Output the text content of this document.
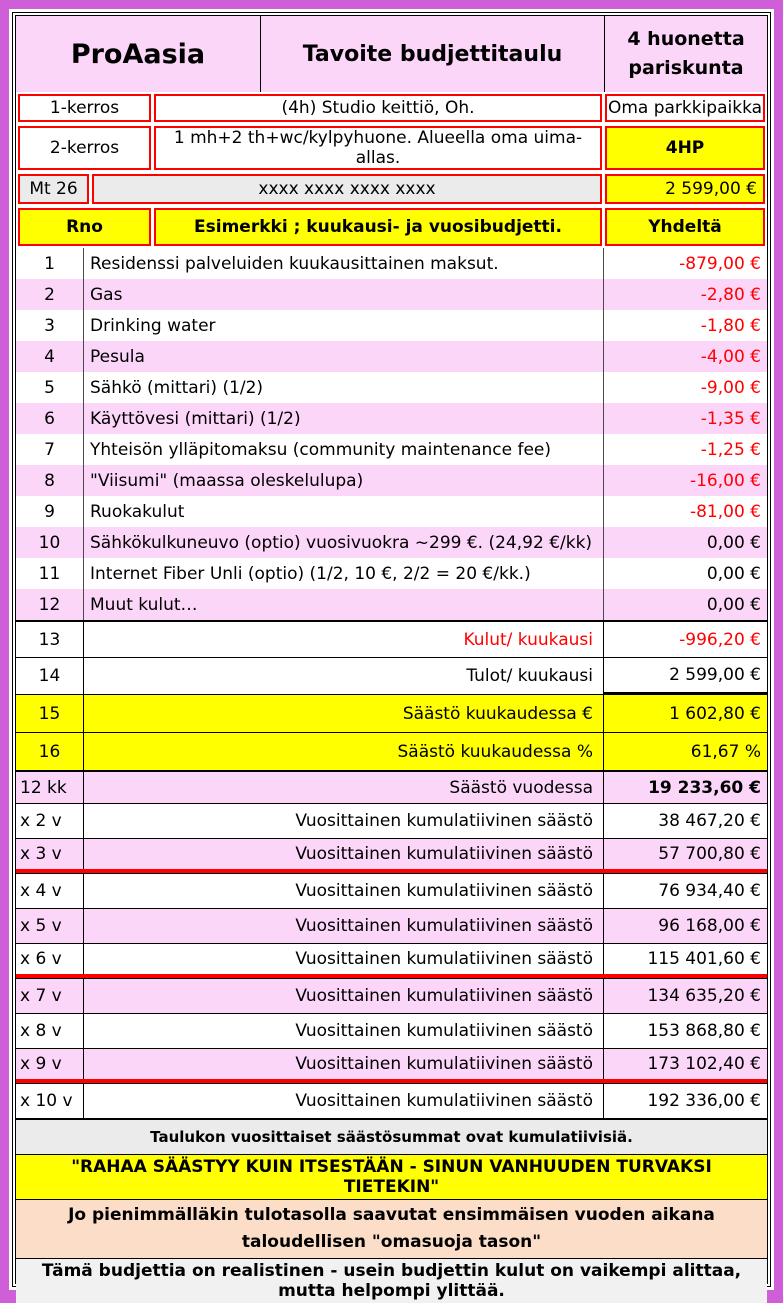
ProAasia	Tavoite budjettitaulu
4 huonetta
pariskunta
1-kerros	(4h) Studio keittiö, Oh.	Oma parkkipaikka
2-kerros	1 mh+2 th+wc/kylpyhuone. Alueella oma uima-allas.	4HP
Mt 26	xxxx xxxx xxxx xxxx	2 599,00 €
Rno	Esimerkki ; kuukausi- ja vuosibudjetti.	Yhdeltä
1	Residenssi palveluiden kuukausittainen maksut.	-879,00 €
2	Gas	-2,80 €
3	Drinking water	-1,80 €
4	Pesula	-4,00 €
5	Sähkö (mittari) (1/2)	-9,00 €
6	Käyttövesi (mittari) (1/2)	-1,35 €
7	Yhteisön ylläpitomaksu (community maintenance fee)	-1,25 €
8	"Viisumi" (maassa oleskelulupa)	-16,00 €
9	Ruokakulut	-81,00 €
10	Sähkökulkuneuvo (optio) vuosivuokra ~299 €. (24,92 €/kk)	0,00 €
11	Internet Fiber Unli (optio) (1/2, 10 €, 2/2 = 20 €/kk.)	0,00 €
12	Muut kulut…	0,00 €
13	Kulut/ kuukausi	-996,20 €
14	Tulot/ kuukausi	2 599,00 €
15	Säästö kuukaudessa €	1 602,80 €
16	Säästö kuukaudessa %	61,67 %
12 kk	Säästö vuodessa	19 233,60 €
x 2 v	Vuosittainen kumulatiivinen säästö	38 467,20 €
x 3 v	Vuosittainen kumulatiivinen säästö	57 700,80 €
x 4 v	Vuosittainen kumulatiivinen säästö	76 934,40 €
x 5 v	Vuosittainen kumulatiivinen säästö	96 168,00 €
x 6 v	Vuosittainen kumulatiivinen säästö	115 401,60 €
x 7 v	Vuosittainen kumulatiivinen säästö	134 635,20 €
x 8 v	Vuosittainen kumulatiivinen säästö	153 868,80 €
x 9 v	Vuosittainen kumulatiivinen säästö	173 102,40 €
x 10 v	Vuosittainen kumulatiivinen säästö	192 336,00 €
Taulukon vuosittaiset säästösummat ovat kumulatiivisiä.
"RAHAA SÄÄSTYY KUIN ITSESTÄÄN - SINUN VANHUUDEN TURVAKSI TIETEKIN"
Jo pienimmälläkin tulotasolla saavutat ensimmäisen vuoden aikana taloudellisen "omasuoja tason"
Tämä budjettia on realistinen - usein budjettin kulut on vaikempi alittaa, mutta helpompi ylittää.
